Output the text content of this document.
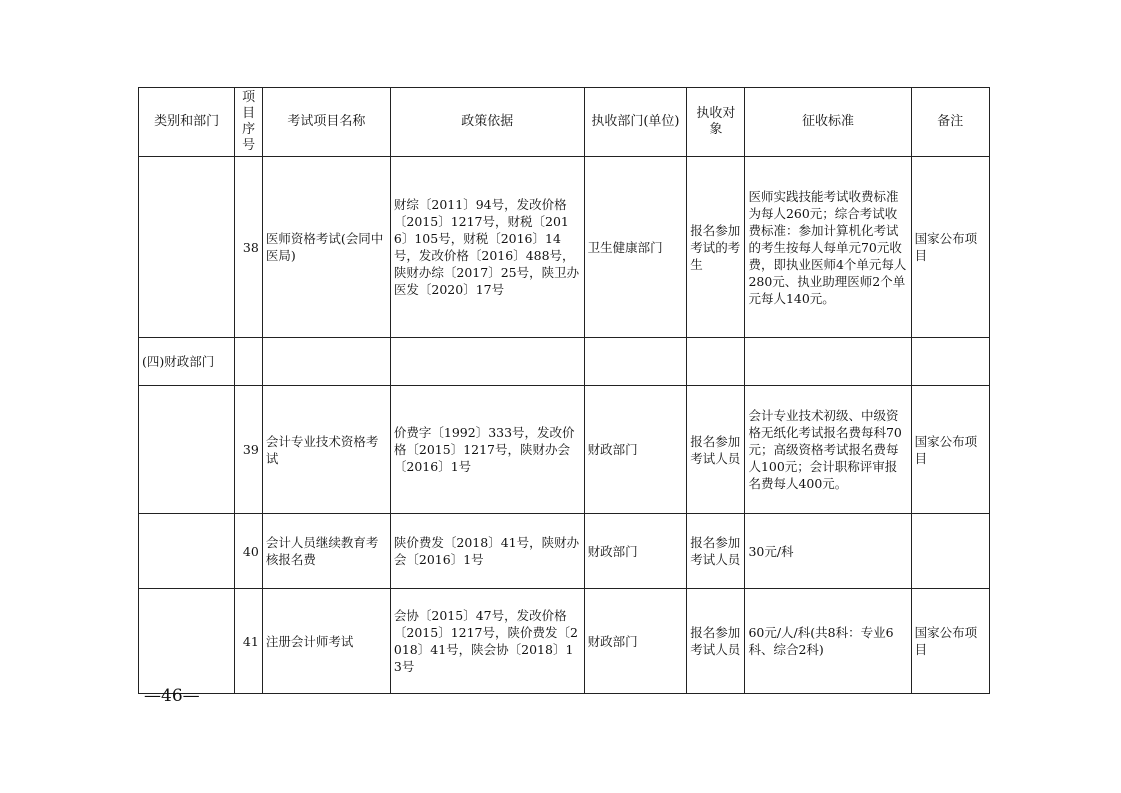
类别和部门	项目序号	考试项目名称	政策依据	执收部门(单位)	执收对象	征收标准	备注
	38	医师资格考试(会同中医局)	财综〔2011〕94号，发改价格〔2015〕1217号，财税〔2016〕105号，财税〔2016〕14号，发改价格〔2016〕488号，陕财办综〔2017〕25号，陕卫办医发〔2020〕17号	卫生健康部门	报名参加考试的考生	医师实践技能考试收费标准为每人260元；综合考试收费标准：参加计算机化考试的考生按每人每单元70元收费，即执业医师4个单元每人280元、执业助理医师2个单元每人140元。	国家公布项目
(四)财政部门							
	39	会计专业技术资格考试	价费字〔1992〕333号，发改价格〔2015〕1217号，陕财办会〔2016〕1号	财政部门	报名参加考试人员	会计专业技术初级、中级资格无纸化考试报名费每科70元；高级资格考试报名费每人100元；会计职称评审报名费每人400元。	国家公布项目
	40	会计人员继续教育考核报名费	陕价费发〔2018〕41号，陕财办会〔2016〕1号	财政部门	报名参加考试人员	30元/科	
	41	注册会计师考试	会协〔2015〕47号，发改价格〔2015〕1217号，陕价费发〔2018〕41号，陕会协〔2018〕13号	财政部门	报名参加考试人员	60元/人/科(共8科：专业6科、综合2科)	国家公布项目
—46—
